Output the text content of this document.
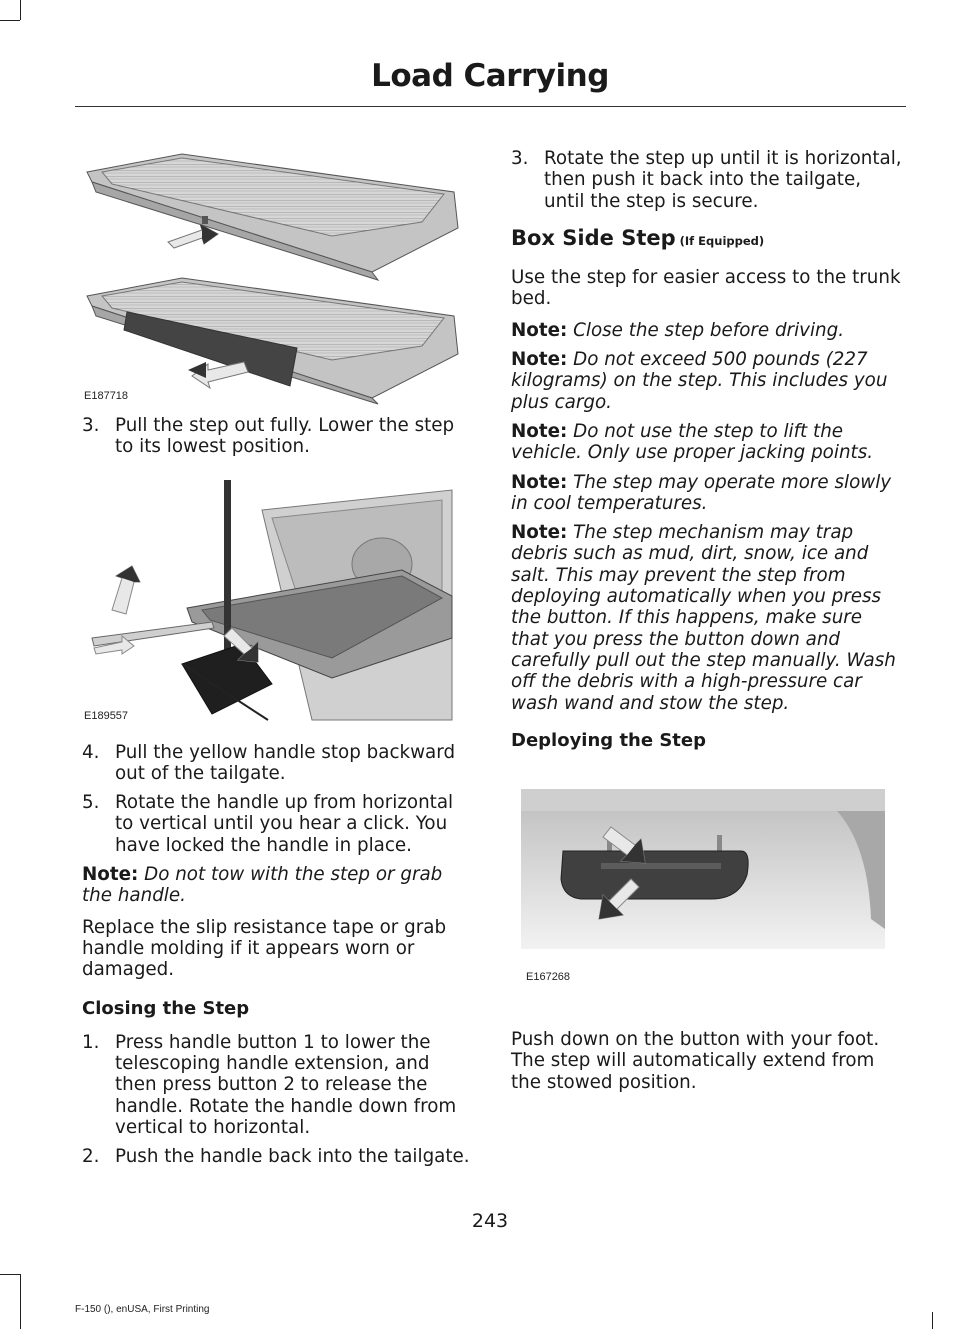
Load Carrying
E187718
3. Pull the step out fully. Lower the step to its lowest position.
E189557
4. Pull the yellow handle stop backward out of the tailgate.
5. Rotate the handle up from horizontal to vertical until you hear a click. You have locked the handle in place.

Note: Do not tow with the step or grab the handle.

Replace the slip resistance tape or grab handle molding if it appears worn or damaged.

Closing the Step

1. Press handle button 1 to lower the telescoping handle extension, and then press button 2 to release the handle. Rotate the handle down from vertical to horizontal.
2. Push the handle back into the tailgate.
3. Rotate the step up until it is horizontal, then push it back into the tailgate, until the step is secure.

Box Side Step (If Equipped)

Use the step for easier access to the trunk bed.

Note: Close the step before driving.

Note: Do not exceed 500 pounds (227 kilograms) on the step. This includes you plus cargo.

Note: Do not use the step to lift the vehicle. Only use proper jacking points.

Note: The step may operate more slowly in cool temperatures.

Note: The step mechanism may trap debris such as mud, dirt, snow, ice and salt. This may prevent the step from deploying automatically when you press the button. If this happens, make sure that you press the button down and carefully pull out the step manually. Wash off the debris with a high-pressure car wash wand and stow the step.

Deploying the Step

E167268

Push down on the button with your foot. The step will automatically extend from the stowed position.

243
F-150 (), enUSA, First Printing
